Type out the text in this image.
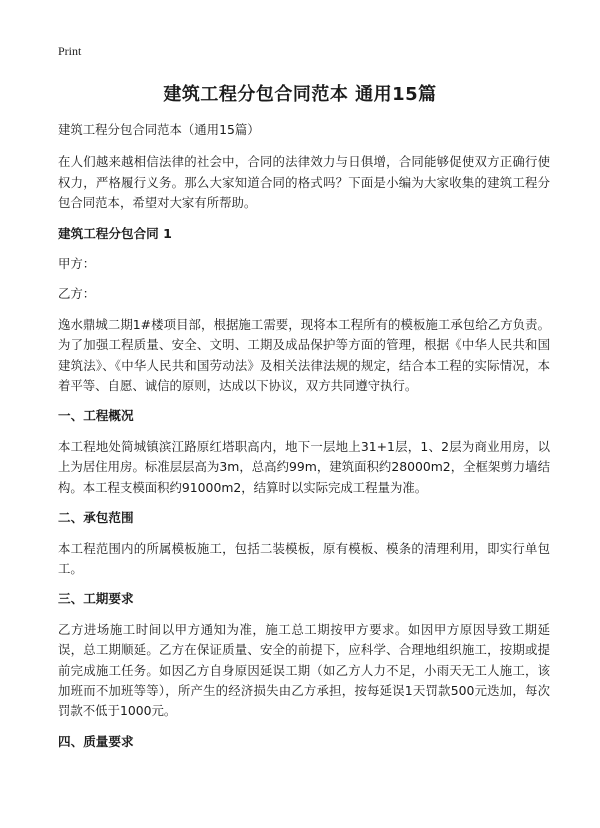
Print
建筑工程分包合同范本 通用15篇

建筑工程分包合同范本（通用15篇）

在人们越来越相信法律的社会中，合同的法律效力与日俱增，合同能够促使双方正确行使权力，严格履行义务。那么大家知道合同的格式吗？下面是小编为大家收集的建筑工程分包合同范本，希望对大家有所帮助。

建筑工程分包合同 1

甲方：

乙方：

逸水鼎城二期1#楼项目部，根据施工需要，现将本工程所有的模板施工承包给乙方负责。为了加强工程质量、安全、文明、工期及成品保护等方面的管理，根据《中华人民共和国建筑法》、《中华人民共和国劳动法》及相关法律法规的规定，结合本工程的实际情况，本着平等、自愿、诚信的原则，达成以下协议，双方共同遵守执行。

一、工程概况

本工程地处简城镇滨江路原红塔职高内，地下一层地上31+1层，1、2层为商业用房，以上为居住用房。标准层层高为3m，总高约99m，建筑面积约28000m2，全框架剪力墙结构。本工程支模面积约91000m2，结算时以实际完成工程量为准。

二、承包范围

本工程范围内的所属模板施工，包括二装模板，原有模板、模条的清理利用，即实行单包工。

三、工期要求

乙方进场施工时间以甲方通知为准，施工总工期按甲方要求。如因甲方原因导致工期延误，总工期顺延。乙方在保证质量、安全的前提下，应科学、合理地组织施工，按期或提前完成施工任务。如因乙方自身原因延误工期（如乙方人力不足，小雨天无工人施工，该加班而不加班等等），所产生的经济损失由乙方承担，按每延误1天罚款500元迭加，每次罚款不低于1000元。

四、质量要求
